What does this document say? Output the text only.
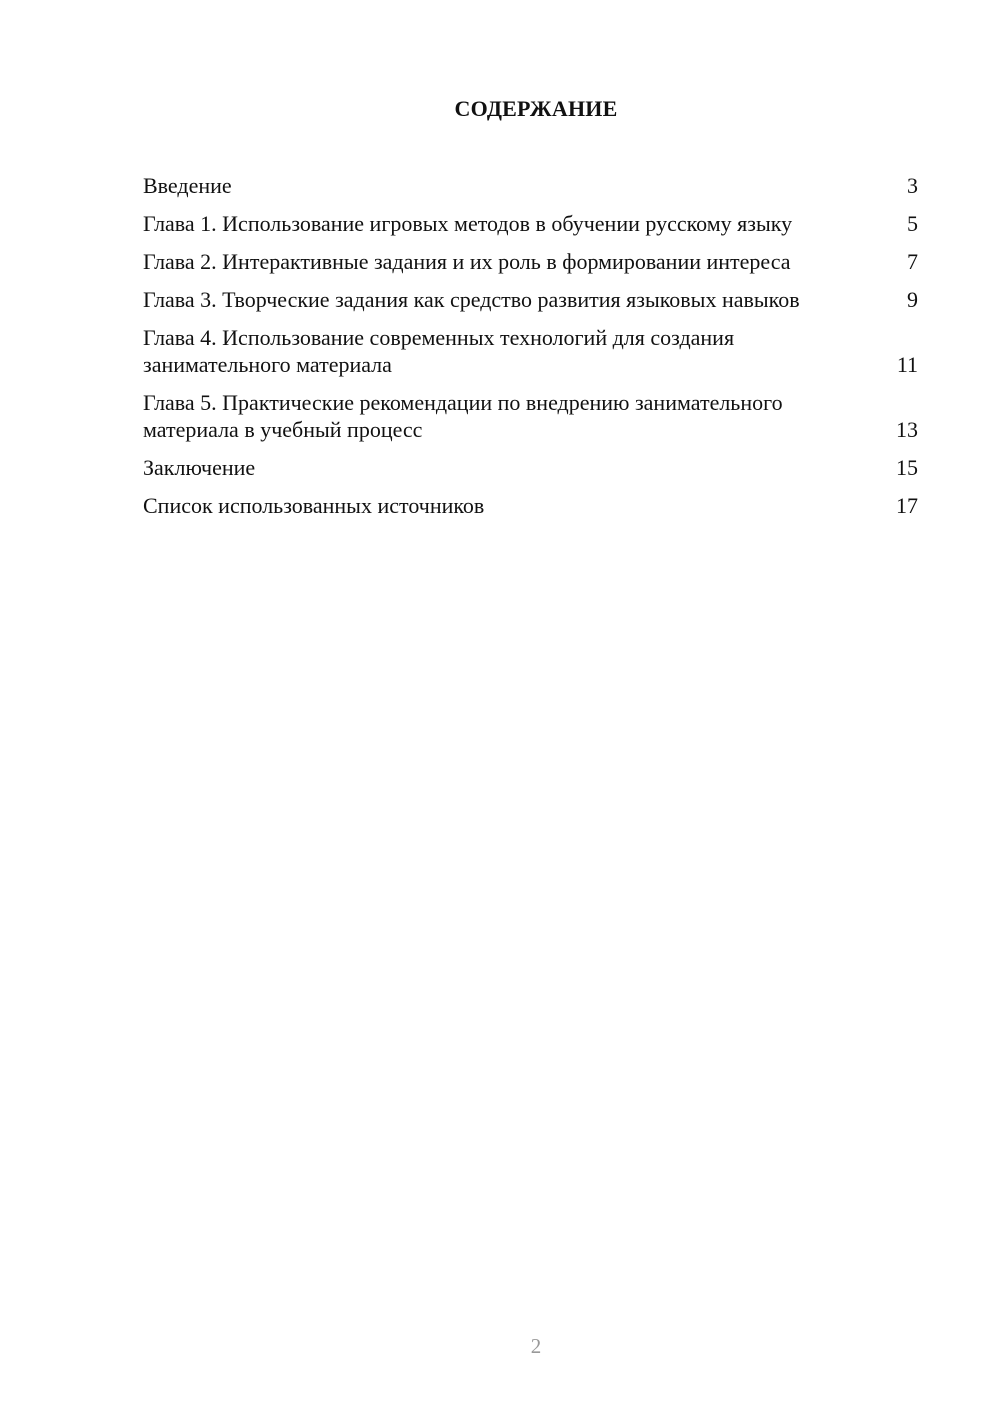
СОДЕРЖАНИЕ
Введение	3
Глава 1. Использование игровых методов в обучении русскому языку	5
Глава 2. Интерактивные задания и их роль в формировании интереса	7
Глава 3. Творческие задания как средство развития языковых навыков	9
Глава 4. Использование современных технологий для создания занимательного материала	11
Глава 5. Практические рекомендации по внедрению занимательного материала в учебный процесс	13
Заключение	15
Список использованных источников	17
2
